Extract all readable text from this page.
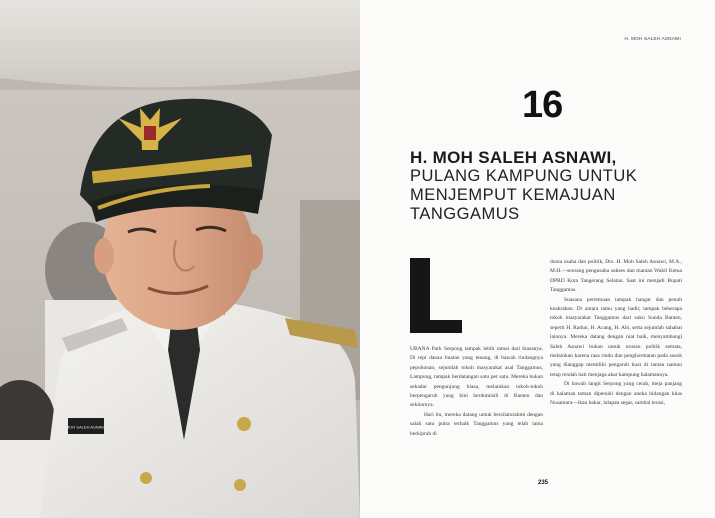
MOH SALEH ASNAWI
H. MOH SALEH ASNAWI
16
H. MOH SALEH ASNAWI,
PULANG KAMPUNG UNTUK
MENJEMPUT KEMAJUAN
TANGGAMUS

UBANA Park Serpong tampak lebih ramai dari biasanya. Di tepi danau buatan yang tenang, di bawah rindangnya pepohonan, sejumlah tokoh masyarakat asal Tanggamus, Lampung, tampak berdatangan satu per satu. Mereka bukan sekadar pengunjung biasa, melainkan tokoh-tokoh berpengaruh yang kini berdomisili di Banten dan sekitarnya.

Hari itu, mereka datang untuk bersilaturahmi dengan salah satu putra terbaik Tanggamus yang telah lama berkiprah di

dunia usaha dan politik, Drs. H. Moh Saleh Asnawi, M.A., M.H.—seorang pengusaha sukses dan mantan Wakil Ketua DPRD Kota Tangerang Selatan. Saat ini menjadi Bupati Tanggamus.

Suasana pertemuan tampak hangat dan penuh keakraban. Di antara tamu yang hadir, tampak beberapa tokoh masyarakat Tanggamus dari suku Sunda Banten, seperti H. Radun, H. Acang, H. Abi, serta sejumlah sahabat lainnya. Mereka datang dengan niat baik, menyambangi Saleh Asnawi bukan untuk urusan politik semata, melainkan karena rasa rindu dan penghormatan pada sosok yang dianggap memiliki pengaruh kuat di rantau namun tetap rendah hati menjaga akar kampung halamannya.

Di bawah langit Serpong yang cerah, meja panjang di halaman taman dipenuhi dengan aneka hidangan khas Nusantara—ikan bakar, lalapan segar, sambal terasi,

235
